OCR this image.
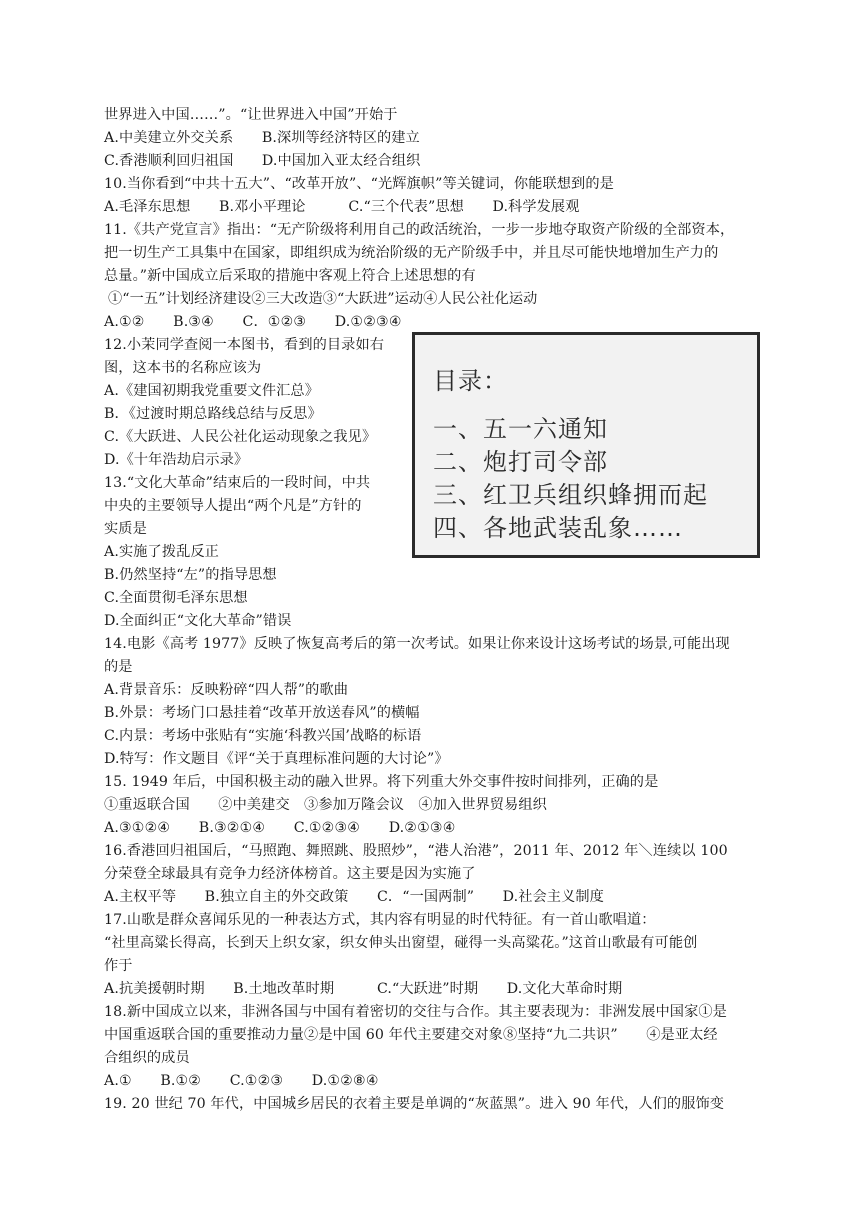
世界进入中国……”。“让世界进入中国”开始于
A.中美建立外交关系　　B.深圳等经济特区的建立
C.香港顺利回归祖国　　D.中国加入亚太经合组织
10.当你看到“中共十五大”、“改革开放”、“光辉旗帜”等关键词，你能联想到的是
A.毛泽东思想　　B.邓小平理论　　　C.“三个代表”思想　　D.科学发展观
11.《共产党宣言》指出：“无产阶级将利用自己的政活统治，一步一步地夺取资产阶级的全部资本，
把一切生产工具集中在国家，即组织成为统治阶级的无产阶级手中，并且尽可能快地增加生产力的
总量。”新中国成立后采取的措施中客观上符合上述思想的有
①“一五”计划经济建设②三大改造③“大跃进”运动④人民公社化运动
A.①②　　B.③④　　C．①②③　　D.①②③④
12.小茉同学查阅一本图书，看到的目录如右
图，这本书的名称应该为
A.《建国初期我党重要文件汇总》
B．《过渡时期总路线总结与反思》
C.《大跃进、人民公社化运动现象之我见》
D.《十年浩劫启示录》
13.“文化大革命”结束后的一段时间，中共
中央的主要领导人提出“两个凡是”方针的
实质是
A.实施了拨乱反正
B.仍然坚持“左”的指导思想
C.全面贯彻毛泽东思想
D.全面纠正“文化大革命”错误
14.电影《高考 1977》反映了恢复高考后的第一次考试。如果让你来设计这场考试的场景,可能出现
的是
A.背景音乐：反映粉碎“四人帮”的歌曲
B.外景：考场门口悬挂着“改革开放送春风”的横幅
C.内景：考场中张贴有“实施‘科教兴国’战略的标语
D.特写：作文题目《评“关于真理标准问题的大讨论”》
15. 1949 年后，中国积极主动的融入世界。将下列重大外交事件按时间排列，正确的是
①重返联合国　　②中美建交　③参加万隆会议　④加入世界贸易组织
A.③①②④　　B.③②①④　　C.①②③④　　D.②①③④
16.香港回归祖国后，“马照跑、舞照跳、股照炒”，“港人治港”，2011 年、2012 年＼连续以 100
分荣登全球最具有竞争力经济体榜首。这主要是因为实施了
A.主权平等　　B.独立自主的外交政策　　C．“一国两制”　　D.社会主义制度
17.山歌是群众喜闻乐见的一种表达方式，其内容有明显的时代特征。有一首山歌唱道：
“社里高粱长得高，长到天上织女家，织女伸头出窗望，碰得一头高粱花。”这首山歌最有可能创
作于
A.抗美援朝时期　　B.土地改革时期　　　C.“大跃进”时期　　D.文化大革命时期
18.新中国成立以来，非洲各国与中国有着密切的交往与合作。其主要表现为：非洲发展中国家①是
中国重返联合国的重要推动力量②是中国 60 年代主要建交对象⑧坚持“九二共识”　　④是亚太经
合组织的成员
A.①　　B.①②　　C.①②③　　D.①②⑧④
19. 20 世纪 70 年代，中国城乡居民的衣着主要是单调的“灰蓝黑”。进入 90 年代，人们的服饰变
目录：
一、五一六通知
二、炮打司令部
三、红卫兵组织蜂拥而起
四、各地武装乱象……
